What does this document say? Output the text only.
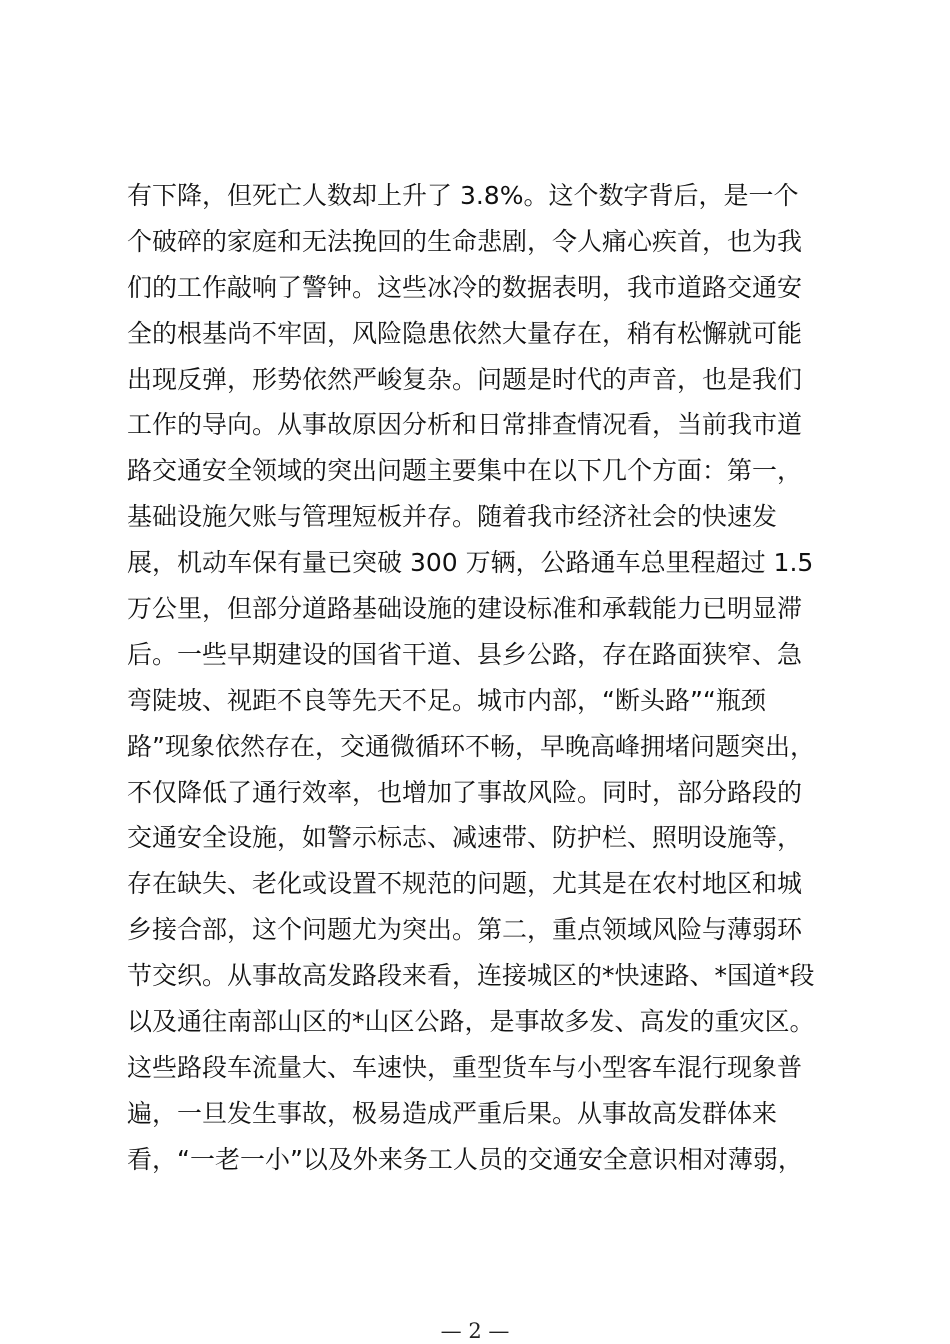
有下降，但死亡人数却上升了 3.8%。这个数字背后，是一个
个破碎的家庭和无法挽回的生命悲剧，令人痛心疾首，也为我
们的工作敲响了警钟。这些冰冷的数据表明，我市道路交通安
全的根基尚不牢固，风险隐患依然大量存在，稍有松懈就可能
出现反弹，形势依然严峻复杂。问题是时代的声音，也是我们
工作的导向。从事故原因分析和日常排查情况看，当前我市道
路交通安全领域的突出问题主要集中在以下几个方面：第一，
基础设施欠账与管理短板并存。随着我市经济社会的快速发
展，机动车保有量已突破 300 万辆，公路通车总里程超过 1.5
万公里，但部分道路基础设施的建设标准和承载能力已明显滞
后。一些早期建设的国省干道、县乡公路，存在路面狭窄、急
弯陡坡、视距不良等先天不足。城市内部，“断头路”“瓶颈
路”现象依然存在，交通微循环不畅，早晚高峰拥堵问题突出，
不仅降低了通行效率，也增加了事故风险。同时，部分路段的
交通安全设施，如警示标志、减速带、防护栏、照明设施等，
存在缺失、老化或设置不规范的问题，尤其是在农村地区和城
乡接合部，这个问题尤为突出。第二，重点领域风险与薄弱环
节交织。从事故高发路段来看，连接城区的*快速路、*国道*段
以及通往南部山区的*山区公路，是事故多发、高发的重灾区。
这些路段车流量大、车速快，重型货车与小型客车混行现象普
遍，一旦发生事故，极易造成严重后果。从事故高发群体来
看，“一老一小”以及外来务工人员的交通安全意识相对薄弱，
— 2 —
